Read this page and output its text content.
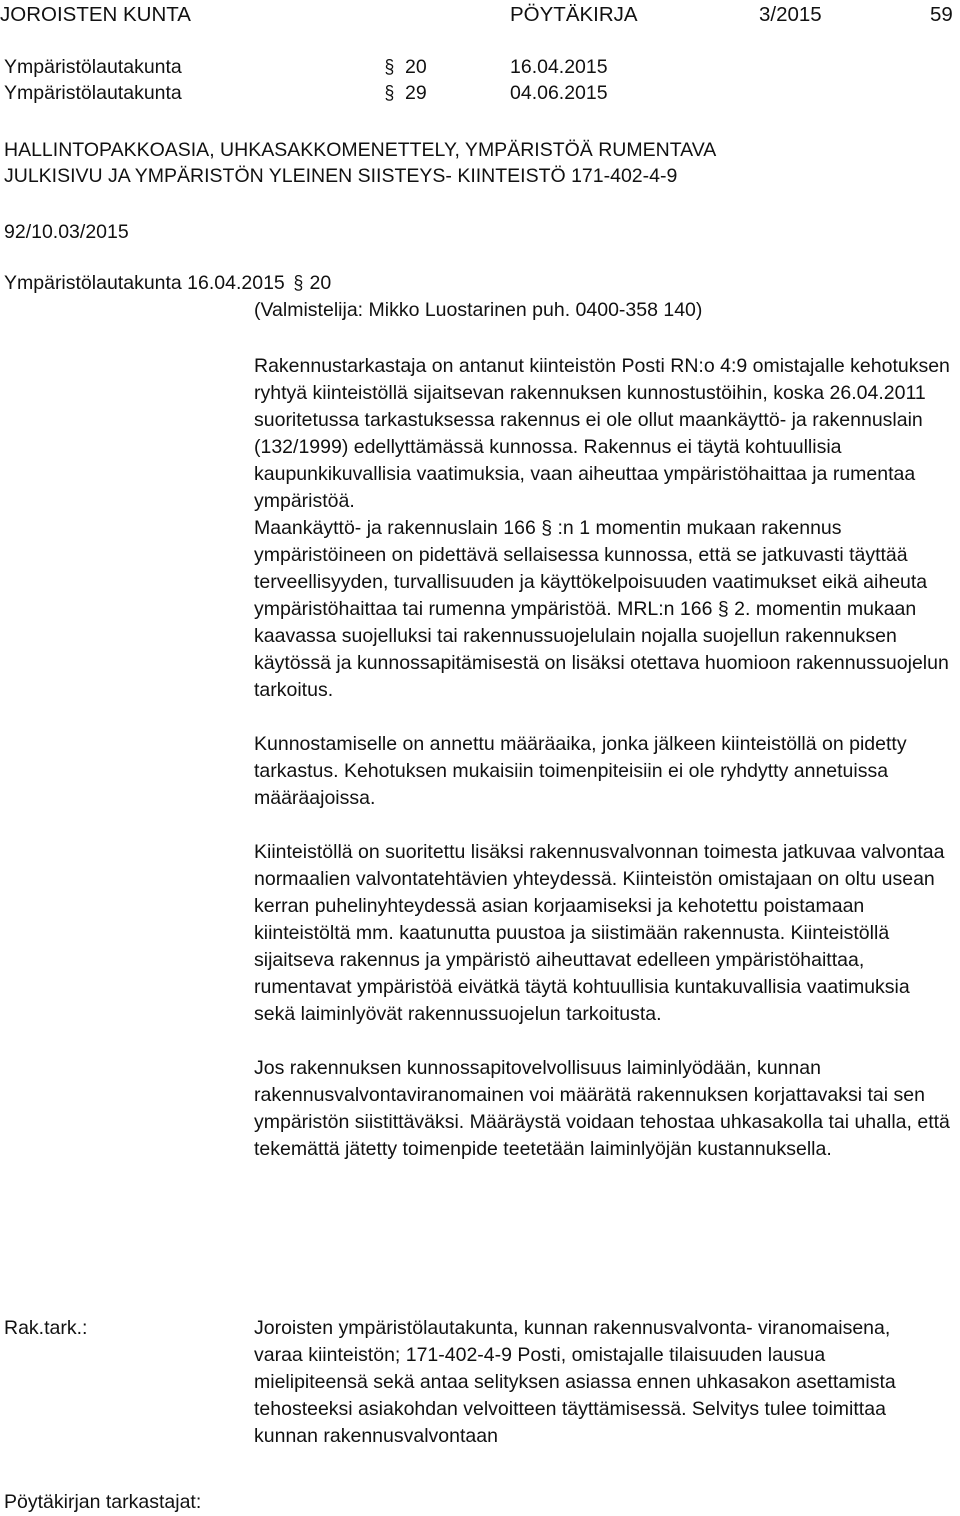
JOROISTEN KUNTA	PÖYTÄKIRJA	3/2015	59
Ympäristölautakunta	§ 20	16.04.2015
Ympäristölautakunta	§ 29	04.06.2015
HALLINTOPAKKOASIA, UHKASAKKOMENETTELY, YMPÄRISTÖÄ RUMENTAVA
JULKISIVU JA YMPÄRISTÖN YLEINEN SIISTEYS- KIINTEISTÖ 171-402-4-9
92/10.03/2015
Ympäristölautakunta 16.04.2015 § 20
(Valmistelija: Mikko Luostarinen puh. 0400-358 140)

Rakennustarkastaja on antanut kiinteistön Posti RN:o 4:9 omistajalle kehotuksen ryhtyä kiinteistöllä sijaitsevan rakennuksen kunnostustöihin, koska 26.04.2011 suoritetussa tarkastuksessa rakennus ei ole ollut maankäyttö- ja rakennuslain (132/1999) edellyttämässä kunnossa. Rakennus ei täytä kohtuullisia kaupunkikuvallisia vaatimuksia, vaan aiheuttaa ympäristöhaittaa ja rumentaa ympäristöä.

Maankäyttö- ja rakennuslain 166 § :n 1 momentin mukaan rakennus ympäristöineen on pidettävä sellaisessa kunnossa, että se jatkuvasti täyttää terveellisyyden, turvallisuuden ja käyttökelpoisuuden vaatimukset eikä aiheuta ympäristöhaittaa tai rumenna ympäristöä. MRL:n 166 § 2. momentin mukaan kaavassa suojelluksi tai rakennussuojelulain nojalla suojellun rakennuksen käytössä ja kunnossapitämisestä on lisäksi otettava huomioon rakennussuojelun tarkoitus.

Kunnostamiselle on annettu määräaika, jonka jälkeen kiinteistöllä on pidetty tarkastus. Kehotuksen mukaisiin toimenpiteisiin ei ole ryhdytty annetuissa määräajoissa.

Kiinteistöllä on suoritettu lisäksi rakennusvalvonnan toimesta jatkuvaa valvontaa normaalien valvontatehtävien yhteydessä. Kiinteistön omistajaan on oltu usean kerran puhelinyhteydessä asian korjaamiseksi ja kehotettu poistamaan kiinteistöltä mm. kaatunutta puustoa ja siistimään rakennusta. Kiinteistöllä sijaitseva rakennus ja ympäristö aiheuttavat edelleen ympäristöhaittaa, rumentavat ympäristöä eivätkä täytä kohtuullisia kuntakuvallisia vaatimuksia sekä laiminlyövät rakennussuojelun tarkoitusta.

Jos rakennuksen kunnossapitovelvollisuus laiminlyödään, kunnan rakennusvalvontaviranomainen voi määrätä rakennuksen korjattavaksi tai sen ympäristön siistittäväksi. Määräystä voidaan tehostaa uhkasakolla tai uhalla, että tekemättä jätetty toimenpide teetetään laiminlyöjän kustannuksella.

Rak.tark.:	Joroisten ympäristölautakunta, kunnan rakennusvalvonta- viranomaisena, varaa kiinteistön; 171-402-4-9 Posti, omistajalle tilaisuuden lausua mielipiteensä sekä antaa selityksen asiassa ennen uhkasakon asettamista tehosteeksi asiakohdan velvoitteen täyttämisessä. Selvitys tulee toimittaa kunnan rakennusvalvontaan

Pöytäkirjan tarkastajat:
